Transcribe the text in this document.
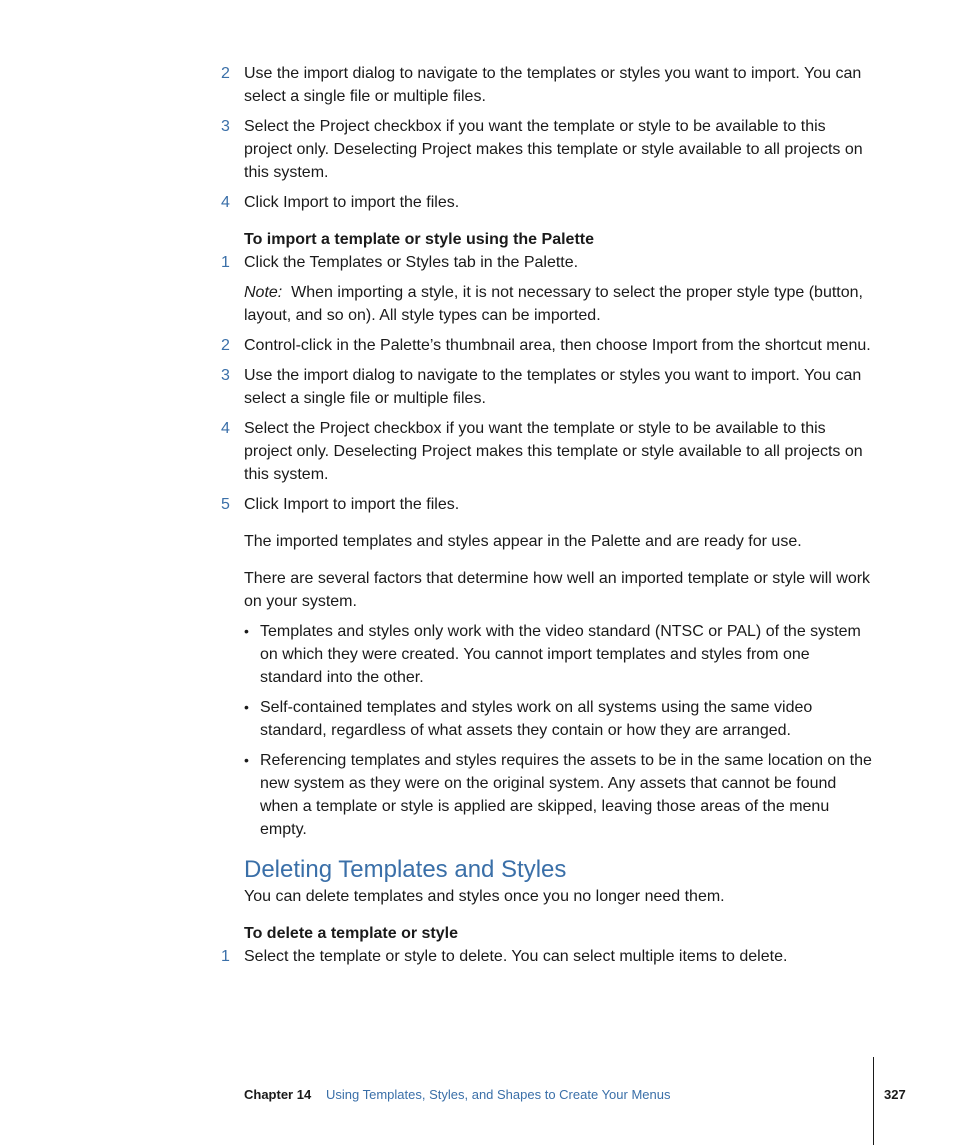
2 Use the import dialog to navigate to the templates or styles you want to import. You can select a single file or multiple files.
3 Select the Project checkbox if you want the template or style to be available to this project only. Deselecting Project makes this template or style available to all projects on this system.
4 Click Import to import the files.
To import a template or style using the Palette
1 Click the Templates or Styles tab in the Palette.
Note: When importing a style, it is not necessary to select the proper style type (button, layout, and so on). All style types can be imported.
2 Control-click in the Palette’s thumbnail area, then choose Import from the shortcut menu.
3 Use the import dialog to navigate to the templates or styles you want to import. You can select a single file or multiple files.
4 Select the Project checkbox if you want the template or style to be available to this project only. Deselecting Project makes this template or style available to all projects on this system.
5 Click Import to import the files.
The imported templates and styles appear in the Palette and are ready for use.
There are several factors that determine how well an imported template or style will work on your system.
• Templates and styles only work with the video standard (NTSC or PAL) of the system on which they were created. You cannot import templates and styles from one standard into the other.
• Self-contained templates and styles work on all systems using the same video standard, regardless of what assets they contain or how they are arranged.
• Referencing templates and styles requires the assets to be in the same location on the new system as they were on the original system. Any assets that cannot be found when a template or style is applied are skipped, leaving those areas of the menu empty.
Deleting Templates and Styles
You can delete templates and styles once you no longer need them.
To delete a template or style
1 Select the template or style to delete. You can select multiple items to delete.
Chapter 14 Using Templates, Styles, and Shapes to Create Your Menus	327
